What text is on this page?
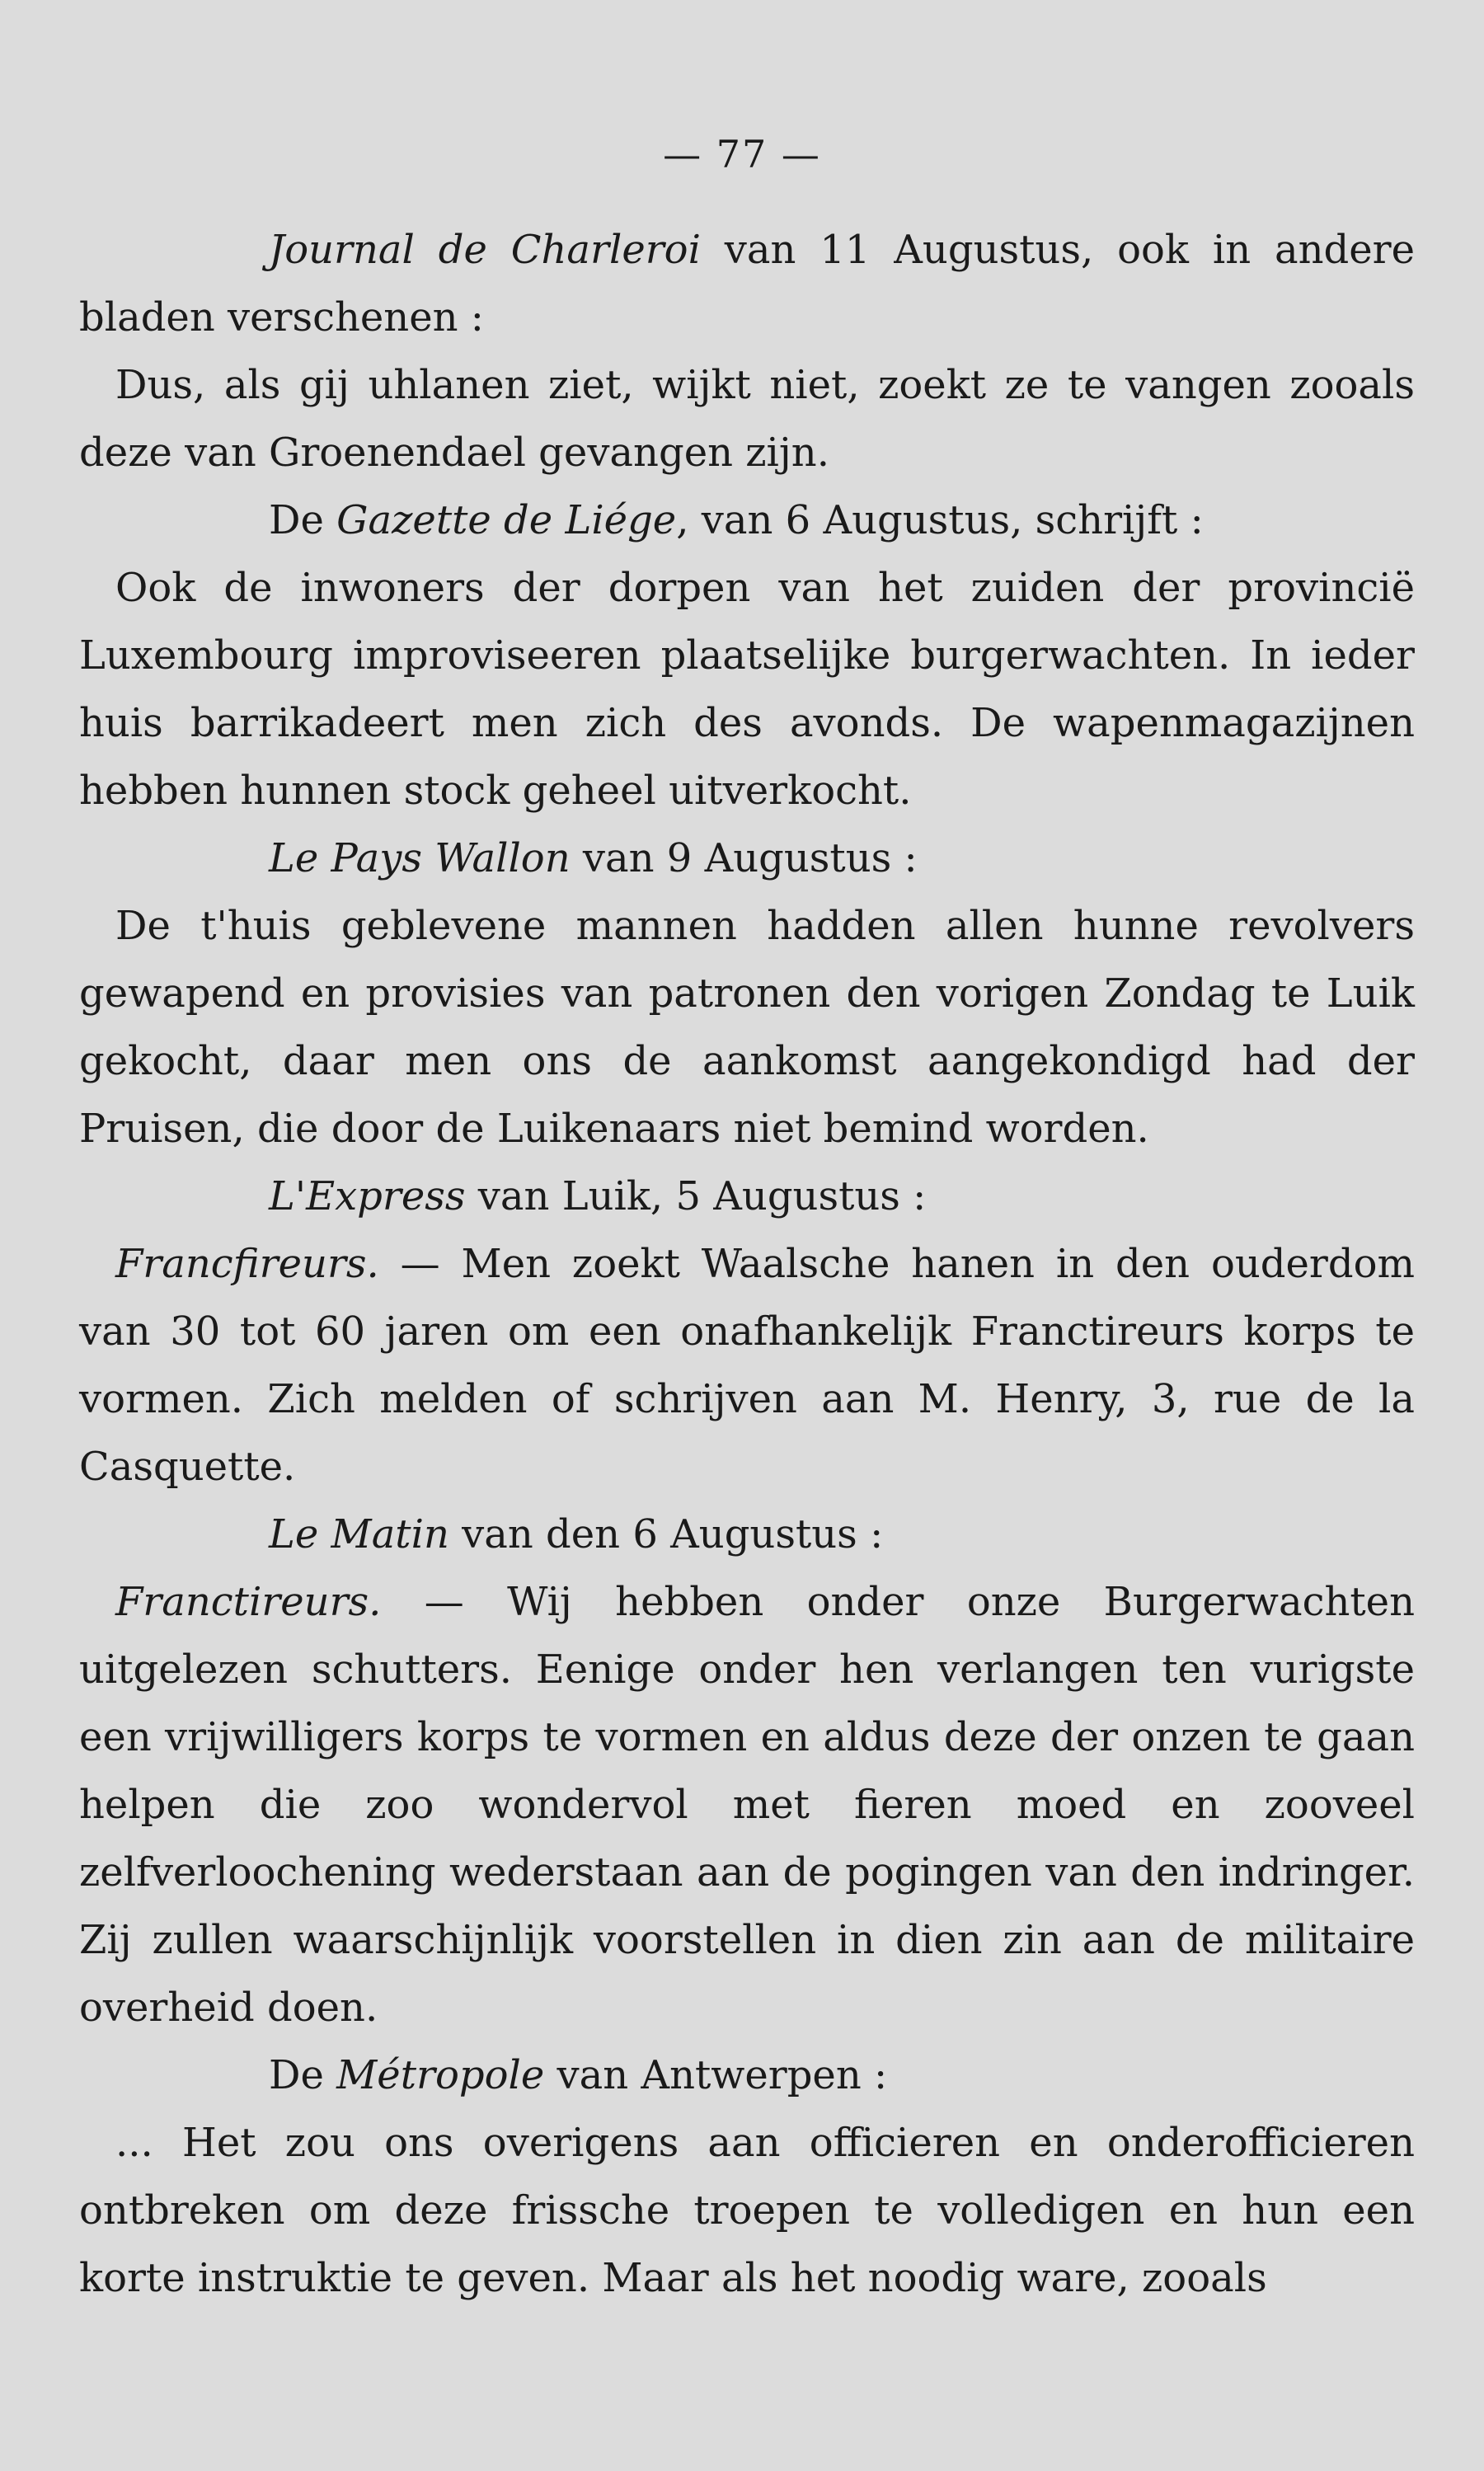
— 77 —

Journal de Charleroi van 11 Augustus, ook in andere bladen verschenen :

Dus, als gij uhlanen ziet, wijkt niet, zoekt ze te vangen zooals deze van Groenendael gevangen zijn.

De Gazette de Liége, van 6 Augustus, schrijft :

Ook de inwoners der dorpen van het zuiden der provincië Luxembourg improviseeren plaatselijke burgerwachten. In ieder huis barrikadeert men zich des avonds. De wapenmagazijnen hebben hunnen stock geheel uitverkocht.

Le Pays Wallon van 9 Augustus :

De t'huis geblevene mannen hadden allen hunne revolvers gewapend en provisies van patronen den vorigen Zondag te Luik gekocht, daar men ons de aankomst aangekondigd had der Pruisen, die door de Luikenaars niet bemind worden.

L'Express van Luik, 5 Augustus :

Francfireurs. — Men zoekt Waalsche hanen in den ouderdom van 30 tot 60 jaren om een onafhankelijk Franctireurs korps te vormen. Zich melden of schrijven aan M. Henry, 3, rue de la Casquette.

Le Matin van den 6 Augustus :

Franctireurs. — Wij hebben onder onze Burgerwachten uitgelezen schutters. Eenige onder hen verlangen ten vurigste een vrijwilligers korps te vormen en aldus deze der onzen te gaan helpen die zoo wondervol met fieren moed en zooveel zelfverloochening wederstaan aan de pogingen van den indringer. Zij zullen waarschijnlijk voorstellen in dien zin aan de militaire overheid doen.

De Métropole van Antwerpen :

... Het zou ons overigens aan officieren en onderofficieren ontbreken om deze frissche troepen te volledigen en hun een korte instruktie te geven. Maar als het noodig ware, zooals
